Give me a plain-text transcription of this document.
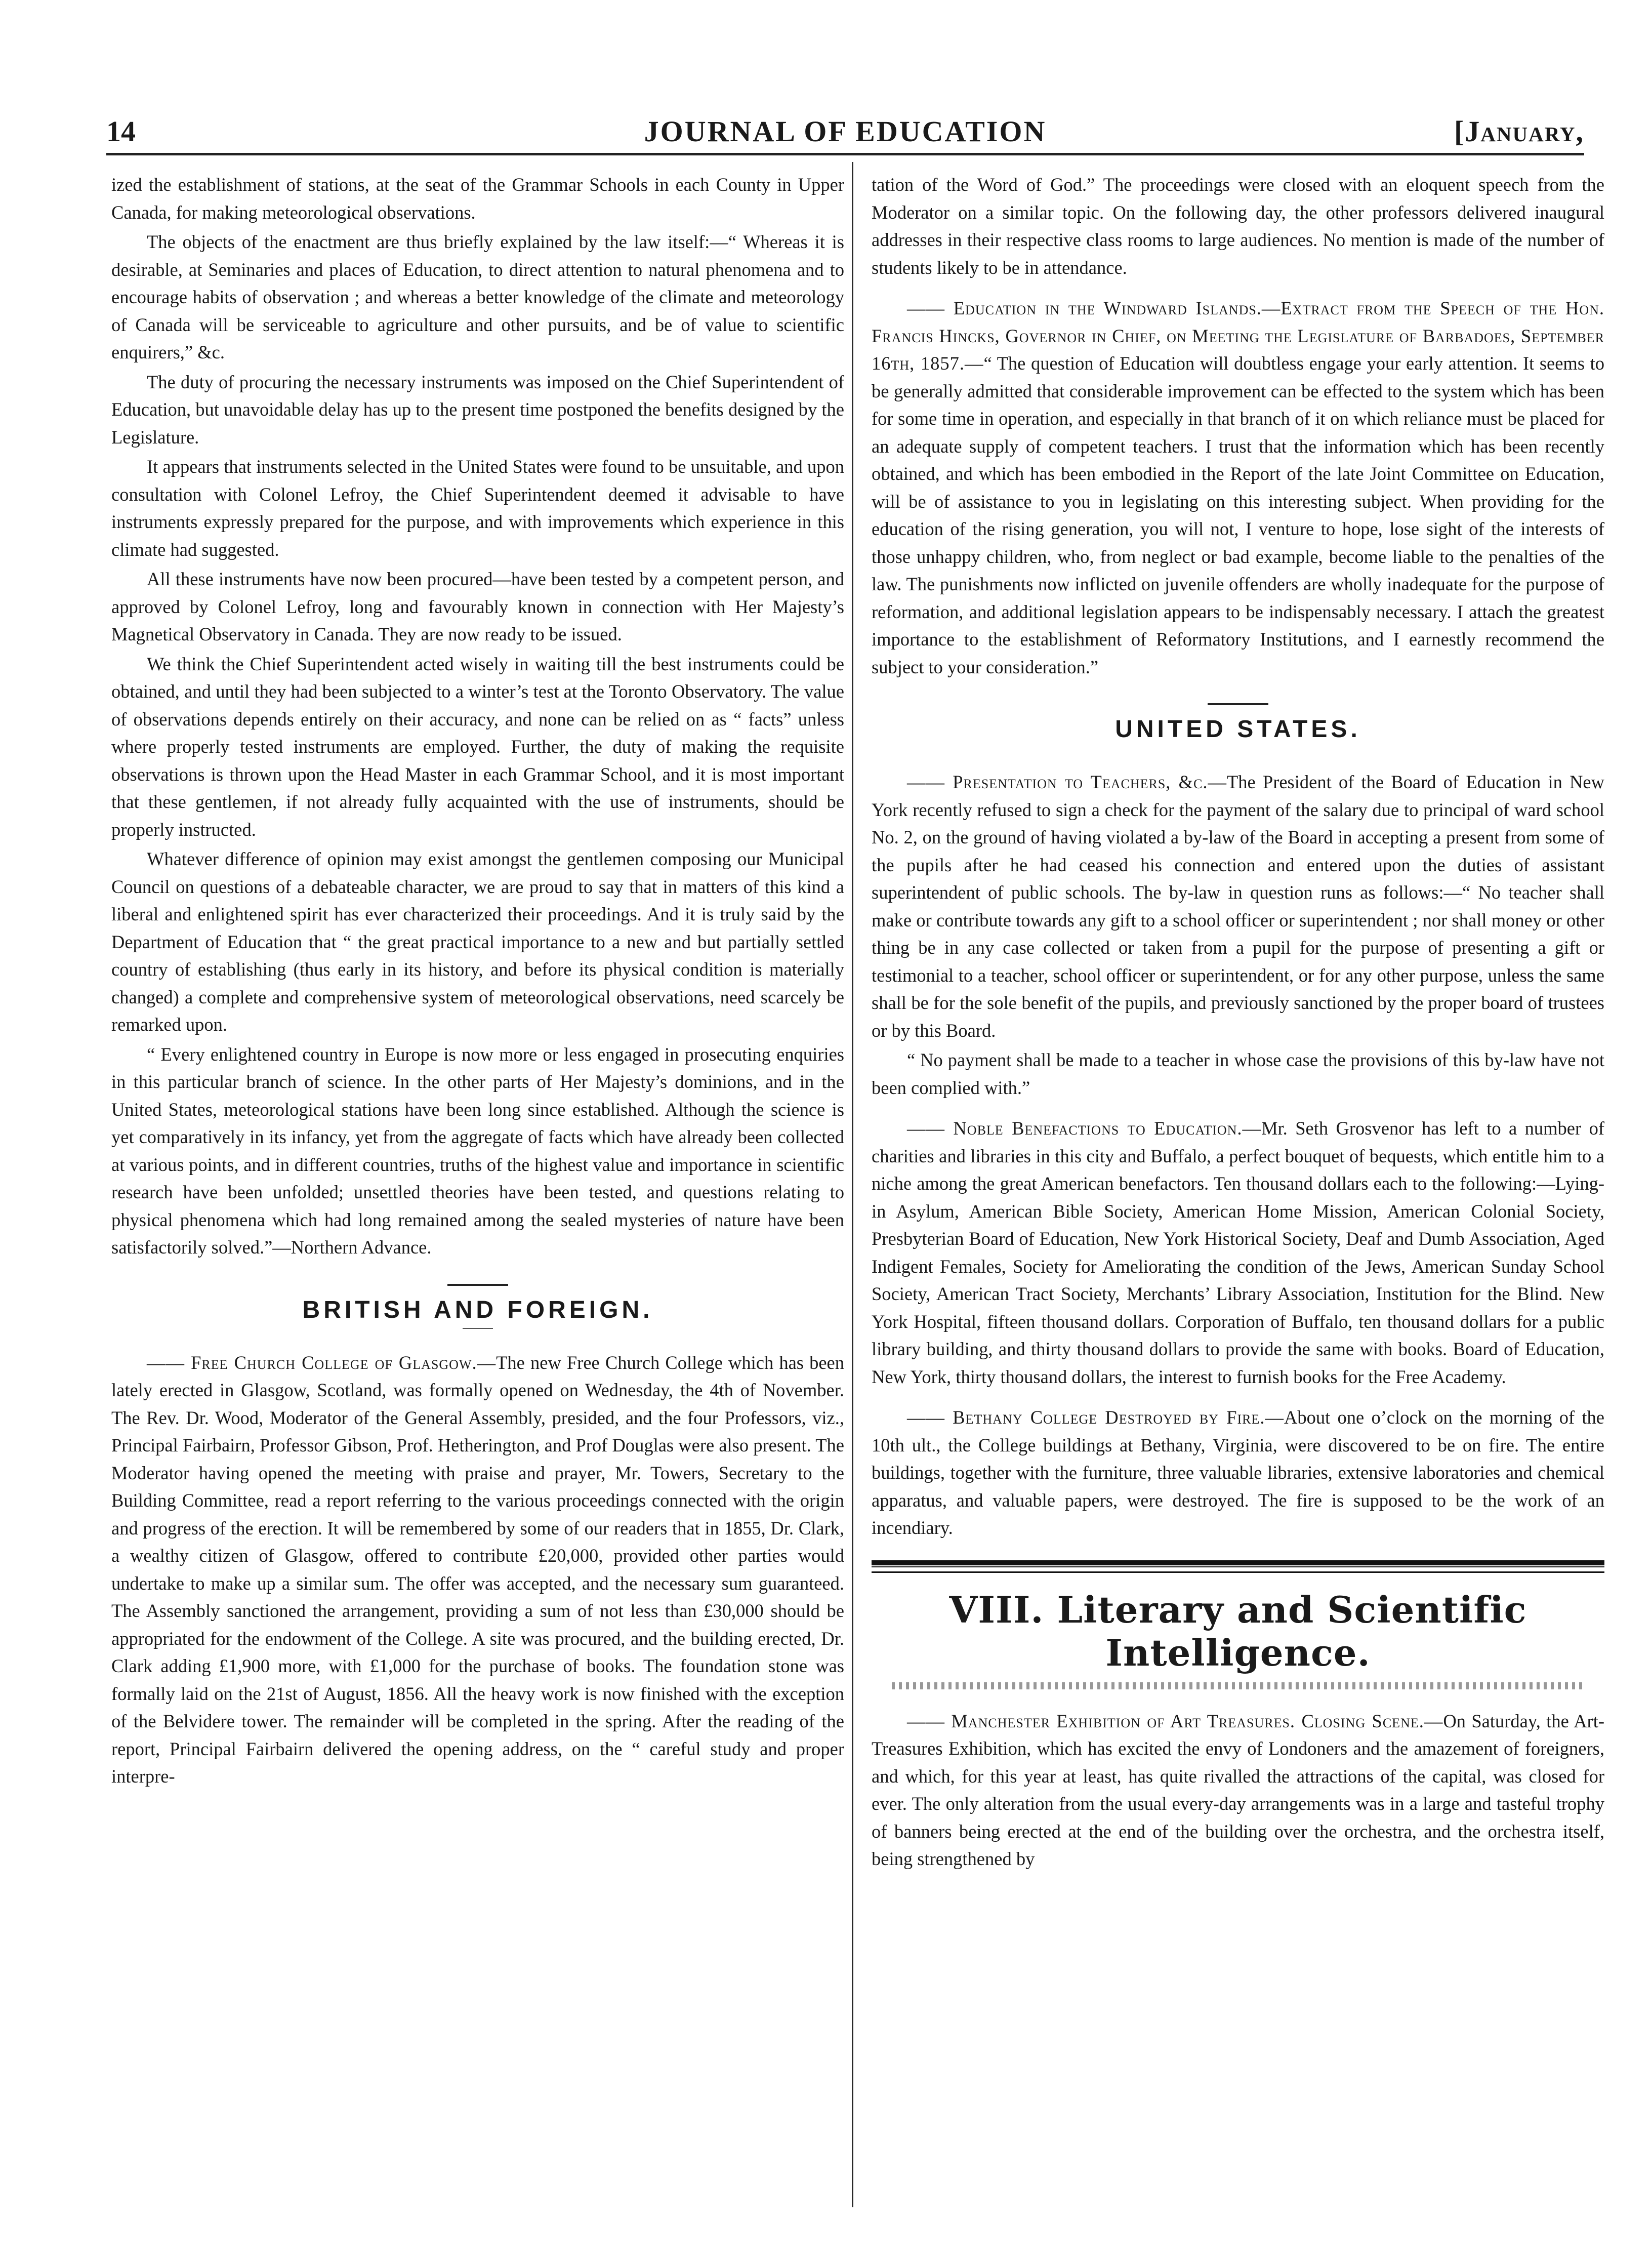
14	JOURNAL OF EDUCATION	[January,

ized the establishment of stations, at the seat of the Grammar Schools in each County in Upper Canada, for making meteorological observations.

The objects of the enactment are thus briefly explained by the law itself:—“ Whereas it is desirable, at Seminaries and places of Education, to direct attention to natural phenomena and to encourage habits of observation ; and whereas a better knowledge of the climate and meteorology of Canada will be serviceable to agriculture and other pursuits, and be of value to scientific enquirers,” &c.

The duty of procuring the necessary instruments was imposed on the Chief Superintendent of Education, but unavoidable delay has up to the present time postponed the benefits designed by the Legislature.

It appears that instruments selected in the United States were found to be unsuitable, and upon consultation with Colonel Lefroy, the Chief Superintendent deemed it advisable to have instruments expressly prepared for the purpose, and with improvements which experience in this climate had suggested.

All these instruments have now been procured—have been tested by a competent person, and approved by Colonel Lefroy, long and favourably known in connection with Her Majesty’s Magnetical Observatory in Canada. They are now ready to be issued.

We think the Chief Superintendent acted wisely in waiting till the best instruments could be obtained, and until they had been subjected to a winter’s test at the Toronto Observatory. The value of observations depends entirely on their accuracy, and none can be relied on as “ facts” unless where properly tested instruments are employed. Further, the duty of making the requisite observations is thrown upon the Head Master in each Grammar School, and it is most important that these gentlemen, if not already fully acquainted with the use of instruments, should be properly instructed.

Whatever difference of opinion may exist amongst the gentlemen composing our Municipal Council on questions of a debateable character, we are proud to say that in matters of this kind a liberal and enlightened spirit has ever characterized their proceedings. And it is truly said by the Department of Education that “ the great practical importance to a new and but partially settled country of establishing (thus early in its history, and before its physical condition is materially changed) a complete and comprehensive system of meteorological observations, need scarcely be remarked upon.

“ Every enlightened country in Europe is now more or less engaged in prosecuting enquiries in this particular branch of science. In the other parts of Her Majesty’s dominions, and in the United States, meteorological stations have been long since established. Although the science is yet comparatively in its infancy, yet from the aggregate of facts which have already been collected at various points, and in different countries, truths of the highest value and importance in scientific research have been unfolded; unsettled theories have been tested, and questions relating to physical phenomena which had long remained among the sealed mysteries of nature have been satisfactorily solved.”—Northern Advance.

BRITISH AND FOREIGN.

—— Free Church College of Glasgow.—The new Free Church College which has been lately erected in Glasgow, Scotland, was formally opened on Wednesday, the 4th of November. The Rev. Dr. Wood, Moderator of the General Assembly, presided, and the four Professors, viz., Principal Fairbairn, Professor Gibson, Prof. Hetherington, and Prof Douglas were also present. The Moderator having opened the meeting with praise and prayer, Mr. Towers, Secretary to the Building Committee, read a report referring to the various proceedings connected with the origin and progress of the erection. It will be remembered by some of our readers that in 1855, Dr. Clark, a wealthy citizen of Glasgow, offered to contribute £20,000, provided other parties would undertake to make up a similar sum. The offer was accepted, and the necessary sum guaranteed. The Assembly sanctioned the arrangement, providing a sum of not less than £30,000 should be appropriated for the endowment of the College. A site was procured, and the building erected, Dr. Clark adding £1,900 more, with £1,000 for the purchase of books. The foundation stone was formally laid on the 21st of August, 1856. All the heavy work is now finished with the exception of the Belvidere tower. The remainder will be completed in the spring. After the reading of the report, Principal Fairbairn delivered the opening address, on the “ careful study and proper interpre-

tation of the Word of God.” The proceedings were closed with an eloquent speech from the Moderator on a similar topic. On the following day, the other professors delivered inaugural addresses in their respective class rooms to large audiences. No mention is made of the number of students likely to be in attendance.

—— Education in the Windward Islands.—Extract from the Speech of the Hon. Francis Hincks, Governor in Chief, on Meeting the Legislature of Barbadoes, September 16th, 1857.—“ The question of Education will doubtless engage your early attention. It seems to be generally admitted that considerable improvement can be effected to the system which has been for some time in operation, and especially in that branch of it on which reliance must be placed for an adequate supply of competent teachers. I trust that the information which has been recently obtained, and which has been embodied in the Report of the late Joint Committee on Education, will be of assistance to you in legislating on this interesting subject. When providing for the education of the rising generation, you will not, I venture to hope, lose sight of the interests of those unhappy children, who, from neglect or bad example, become liable to the penalties of the law. The punishments now inflicted on juvenile offenders are wholly inadequate for the purpose of reformation, and additional legislation appears to be indispensably necessary. I attach the greatest importance to the establishment of Reformatory Institutions, and I earnestly recommend the subject to your consideration.”

UNITED STATES.

—— Presentation to Teachers, &c.—The President of the Board of Education in New York recently refused to sign a check for the payment of the salary due to principal of ward school No. 2, on the ground of having violated a by-law of the Board in accepting a present from some of the pupils after he had ceased his connection and entered upon the duties of assistant superintendent of public schools. The by-law in question runs as follows:—“ No teacher shall make or contribute towards any gift to a school officer or superintendent ; nor shall money or other thing be in any case collected or taken from a pupil for the purpose of presenting a gift or testimonial to a teacher, school officer or superintendent, or for any other purpose, unless the same shall be for the sole benefit of the pupils, and previously sanctioned by the proper board of trustees or by this Board.

“ No payment shall be made to a teacher in whose case the provisions of this by-law have not been complied with.”

—— Noble Benefactions to Education.—Mr. Seth Grosvenor has left to a number of charities and libraries in this city and Buffalo, a perfect bouquet of bequests, which entitle him to a niche among the great American benefactors. Ten thousand dollars each to the following:—Lying-in Asylum, American Bible Society, American Home Mission, American Colonial Society, Presbyterian Board of Education, New York Historical Society, Deaf and Dumb Association, Aged Indigent Females, Society for Ameliorating the condition of the Jews, American Sunday School Society, American Tract Society, Merchants’ Library Association, Institution for the Blind. New York Hospital, fifteen thousand dollars. Corporation of Buffalo, ten thousand dollars for a public library building, and thirty thousand dollars to provide the same with books. Board of Education, New York, thirty thousand dollars, the interest to furnish books for the Free Academy.

—— Bethany College Destroyed by Fire.—About one o’clock on the morning of the 10th ult., the College buildings at Bethany, Virginia, were discovered to be on fire. The entire buildings, together with the furniture, three valuable libraries, extensive laboratories and chemical apparatus, and valuable papers, were destroyed. The fire is supposed to be the work of an incendiary.

VIII. Literary and Scientific Intelligence.

—— Manchester Exhibition of Art Treasures. Closing Scene.—On Saturday, the Art-Treasures Exhibition, which has excited the envy of Londoners and the amazement of foreigners, and which, for this year at least, has quite rivalled the attractions of the capital, was closed for ever. The only alteration from the usual every-day arrangements was in a large and tasteful trophy of banners being erected at the end of the building over the orchestra, and the orchestra itself, being strengthened by
